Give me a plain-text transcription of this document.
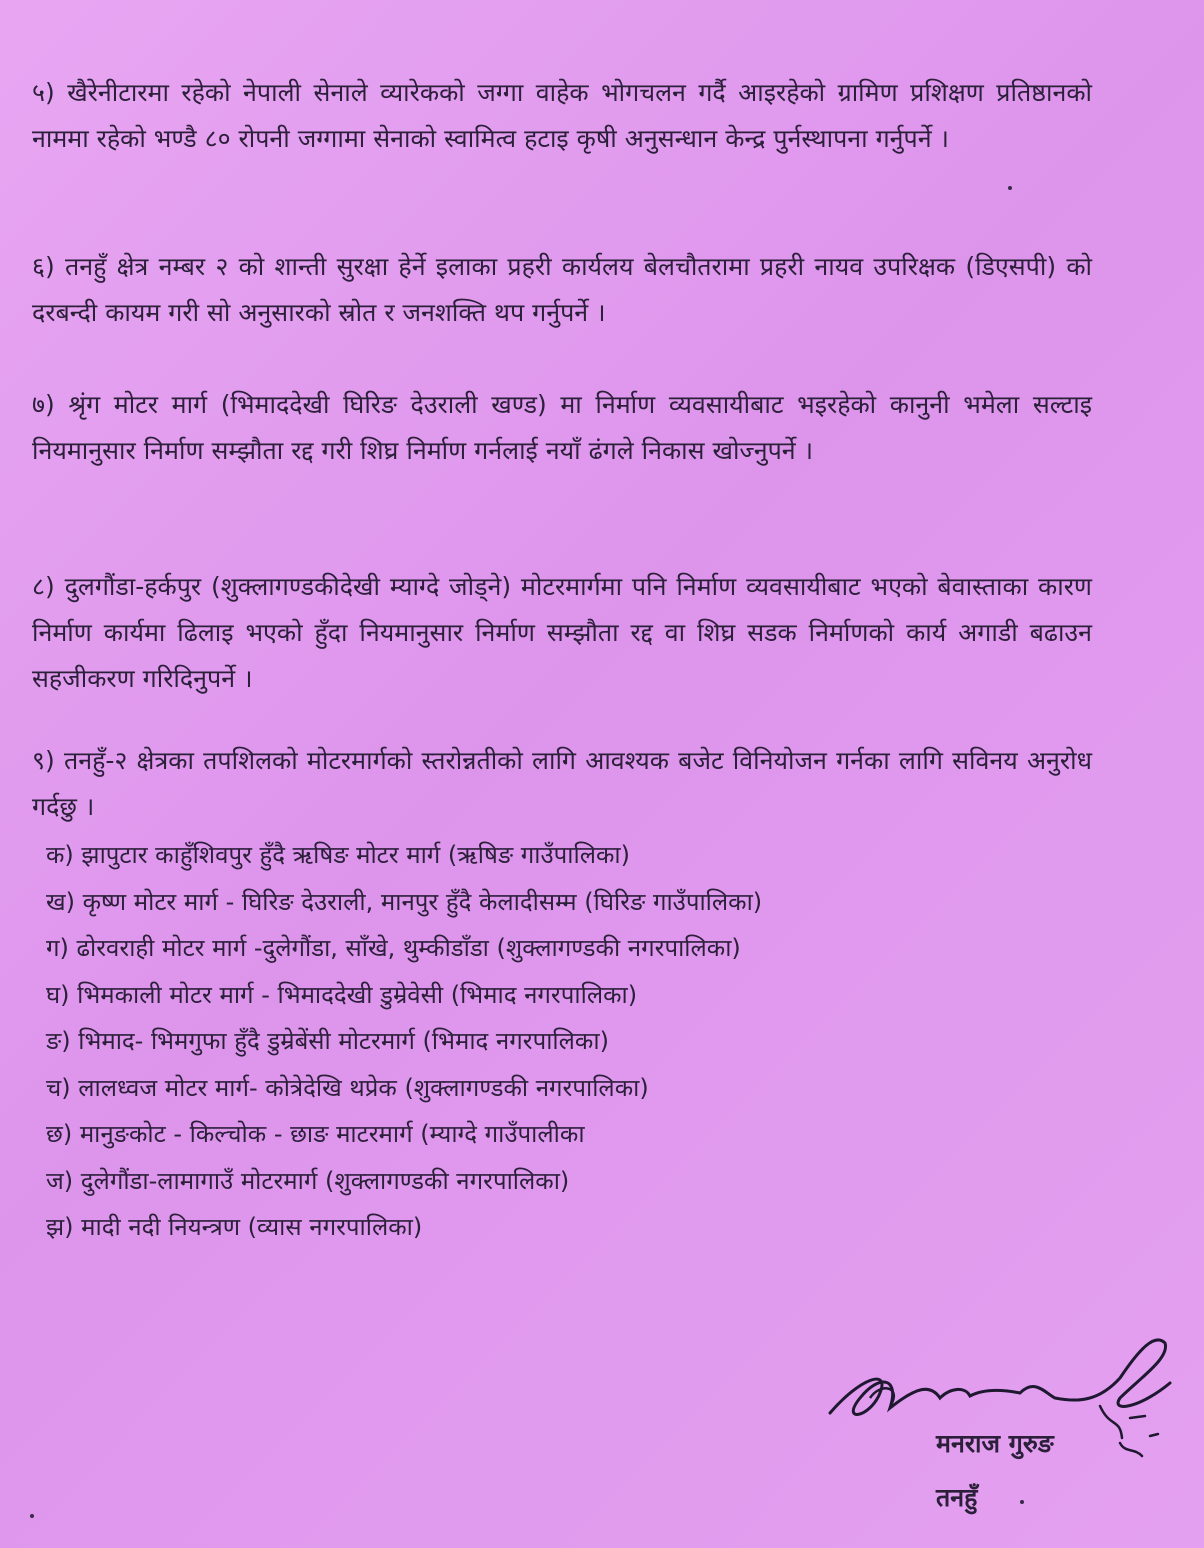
५) खैरेनीटारमा रहेको नेपाली सेनाले व्यारेकको जग्गा वाहेक भोगचलन गर्दै आइरहेको ग्रामिण प्रशिक्षण प्रतिष्ठानको नाममा रहेको भण्डै ८० रोपनी जग्गामा सेनाको स्वामित्व हटाइ कृषी अनुसन्धान केन्द्र पुर्नस्थापना गर्नुपर्ने ।

६) तनहुँ क्षेत्र नम्बर २ को शान्ती सुरक्षा हेर्ने इलाका प्रहरी कार्यलय बेलचौतरामा प्रहरी नायव उपरिक्षक (डिएसपी) को दरबन्दी कायम गरी सो अनुसारको स्रोत र जनशक्ति थप गर्नुपर्ने ।

७) श्रृंग मोटर मार्ग (भिमाददेखी घिरिङ देउराली खण्ड) मा निर्माण व्यवसायीबाट भइरहेको कानुनी भमेला सल्टाइ नियमानुसार निर्माण सम्झौता रद्द गरी शिघ्र निर्माण गर्नलाई नयाँ ढंगले निकास खोज्नुपर्ने ।

८) दुलगौंडा-हर्कपुर (शुक्लागण्डकीदेखी म्याग्दे जोड्ने) मोटरमार्गमा पनि निर्माण व्यवसायीबाट भएको बेवास्ताका कारण निर्माण कार्यमा ढिलाइ भएको हुँदा नियमानुसार निर्माण सम्झौता रद्द वा शिघ्र सडक निर्माणको कार्य अगाडी बढाउन सहजीकरण गरिदिनुपर्ने ।

९) तनहुँ-२ क्षेत्रका तपशिलको मोटरमार्गको स्तरोन्नतीको लागि आवश्यक बजेट विनियोजन गर्नका लागि सविनय अनुरोध गर्दछु ।

क) झापुटार काहुँशिवपुर हुँदै ऋषिङ मोटर मार्ग (ऋषिङ गाउँपालिका)
ख) कृष्ण मोटर मार्ग - घिरिङ देउराली, मानपुर हुँदै केलादीसम्म (घिरिङ गाउँपालिका)
ग) ढोरवराही मोटर मार्ग -दुलेगौंडा, साँखे, थुम्कीडाँडा (शुक्लागण्डकी नगरपालिका)
घ) भिमकाली मोटर मार्ग - भिमाददेखी डुम्रेवेसी (भिमाद नगरपालिका)
ङ) भिमाद- भिमगुफा हुँदै डुम्रेबेंसी मोटरमार्ग (भिमाद नगरपालिका)
च) लालध्वज मोटर मार्ग- कोत्रेदेखि थप्रेक (शुक्लागण्डकी नगरपालिका)
छ) मानुङकोट - किल्चोक - छाङ माटरमार्ग (म्याग्दे गाउँपालीका
ज) दुलेगौंडा-लामागाउँ मोटरमार्ग (शुक्लागण्डकी नगरपालिका)
झ) मादी नदी नियन्त्रण (व्यास नगरपालिका)
मनराज गुरुङ
तनहुँ
